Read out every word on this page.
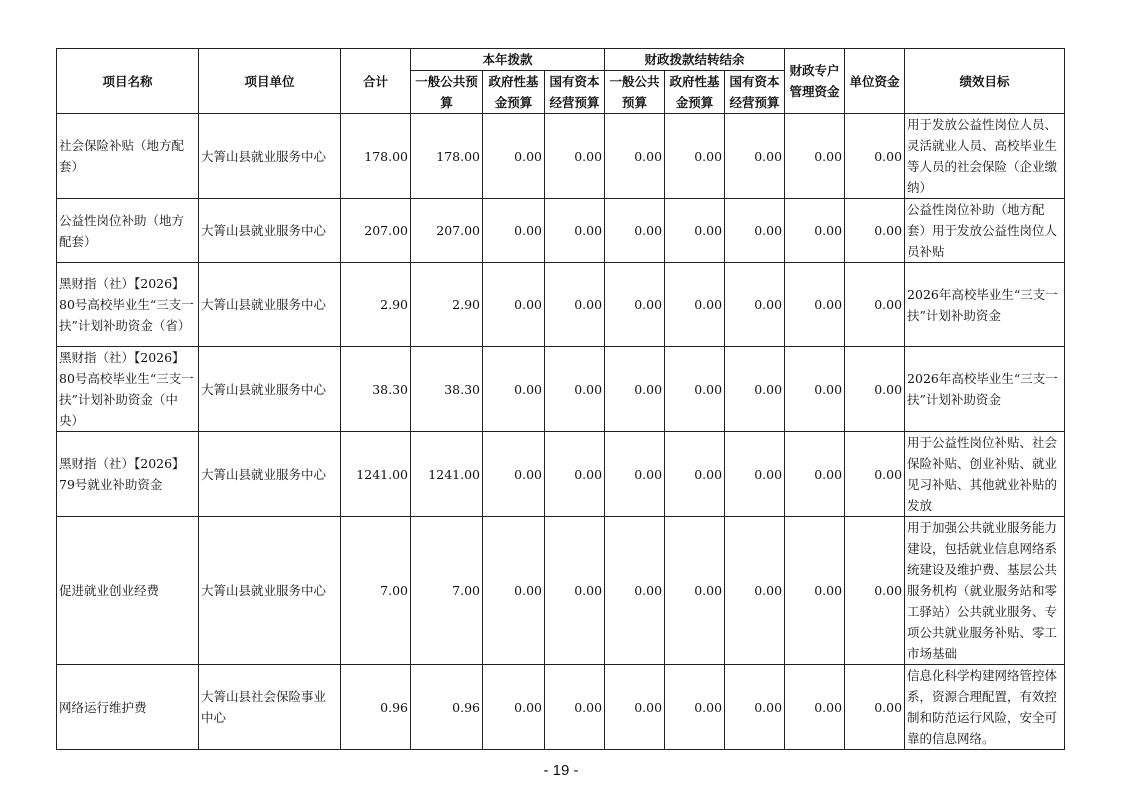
项目名称	项目单位	合计	本年拨款			财政拨款结转结余			财政专户管理资金	单位资金	绩效目标
			一般公共预算	政府性基金预算	国有资本经营预算	一般公共预算	政府性基金预算	国有资本经营预算			
社会保险补贴（地方配套）	大箐山县就业服务中心	178.00	178.00	0.00	0.00	0.00	0.00	0.00	0.00	0.00	用于发放公益性岗位人员、灵活就业人员、高校毕业生等人员的社会保险（企业缴纳）
公益性岗位补助（地方配套）	大箐山县就业服务中心	207.00	207.00	0.00	0.00	0.00	0.00	0.00	0.00	0.00	公益性岗位补助（地方配套）用于发放公益性岗位人员补贴
黑财指（社）【2026】80号高校毕业生“三支一扶”计划补助资金（省）	大箐山县就业服务中心	2.90	2.90	0.00	0.00	0.00	0.00	0.00	0.00	0.00	2026年高校毕业生“三支一扶”计划补助资金
黑财指（社）【2026】80号高校毕业生“三支一扶”计划补助资金（中央）	大箐山县就业服务中心	38.30	38.30	0.00	0.00	0.00	0.00	0.00	0.00	0.00	2026年高校毕业生“三支一扶”计划补助资金
黑财指（社）【2026】79号就业补助资金	大箐山县就业服务中心	1241.00	1241.00	0.00	0.00	0.00	0.00	0.00	0.00	0.00	用于公益性岗位补贴、社会保险补贴、创业补贴、就业见习补贴、其他就业补贴的发放
促进就业创业经费	大箐山县就业服务中心	7.00	7.00	0.00	0.00	0.00	0.00	0.00	0.00	0.00	用于加强公共就业服务能力建设，包括就业信息网络系统建设及维护费、基层公共服务机构（就业服务站和零工驿站）公共就业服务、专项公共就业服务补贴、零工市场基础
网络运行维护费	大箐山县社会保险事业中心	0.96	0.96	0.00	0.00	0.00	0.00	0.00	0.00	0.00	信息化科学构建网络管控体系，资源合理配置，有效控制和防范运行风险，安全可靠的信息网络。
- 19 -
